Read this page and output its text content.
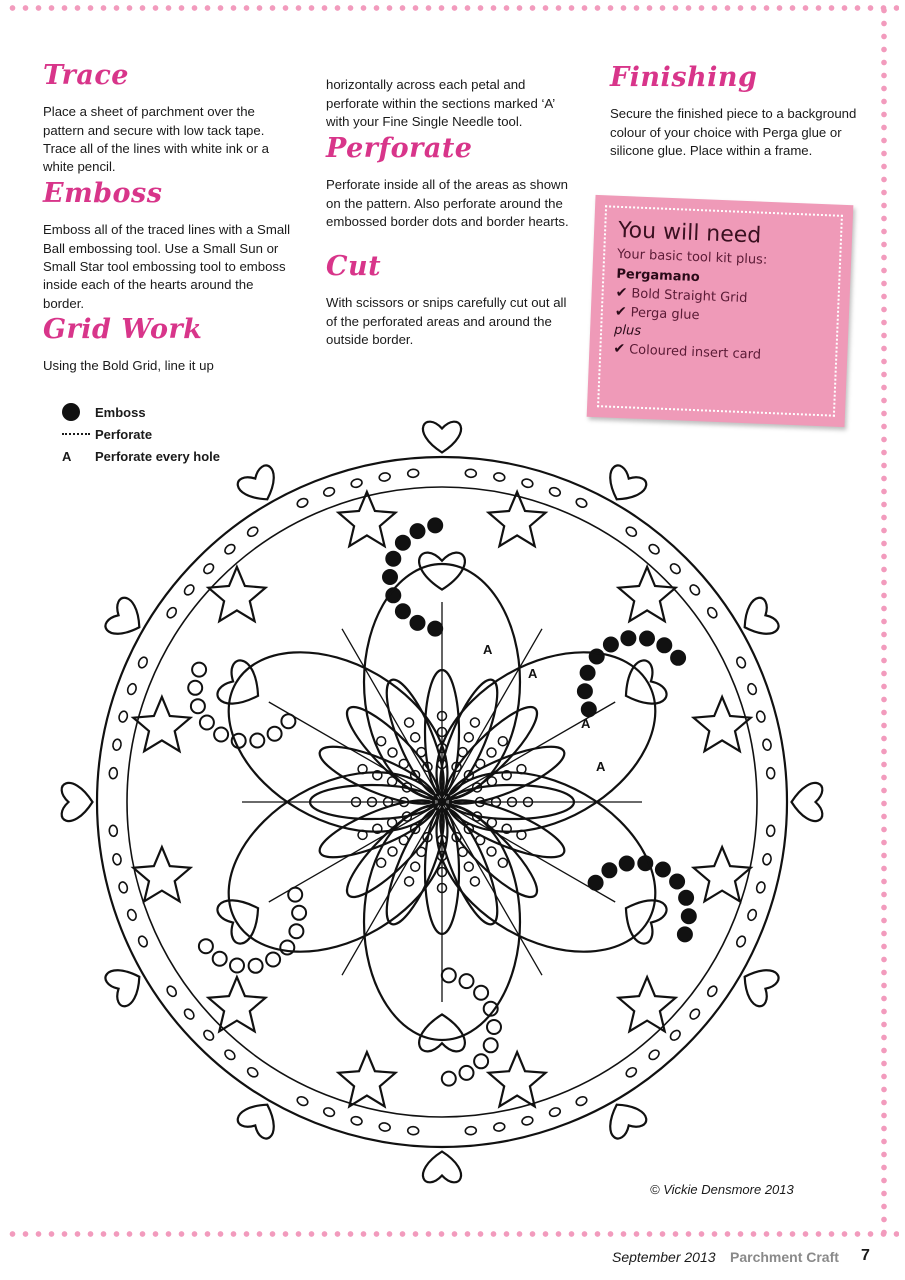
Trace

Place a sheet of parchment over the pattern and secure with low tack tape. Trace all of the lines with white ink or a white pencil.

Emboss

Emboss all of the traced lines with a Small Ball embossing tool. Use a Small Sun or Small Star tool embossing tool to emboss inside each of the hearts around the border.

Grid Work

Using the Bold Grid, line it up

horizontally across each petal and perforate within the sections marked ‘A’ with your Fine Single Needle tool.

Perforate

Perforate inside all of the areas as shown on the pattern. Also perforate around the embossed border dots and border hearts.

Cut

With scissors or snips carefully cut out all of the perforated areas and around the outside border.

Finishing

Secure the finished piece to a background colour of your choice with Perga glue or silicone glue. Place within a frame.

You will need
Your basic tool kit plus:
Pergamano
✔ Bold Straight Grid
✔ Perga glue
plus
✔ Coloured insert card
Emboss
Perforate
A	Perforate every hole
A
A
A
A
© Vickie Densmore 2013
September 2013 Parchment Craft 7
